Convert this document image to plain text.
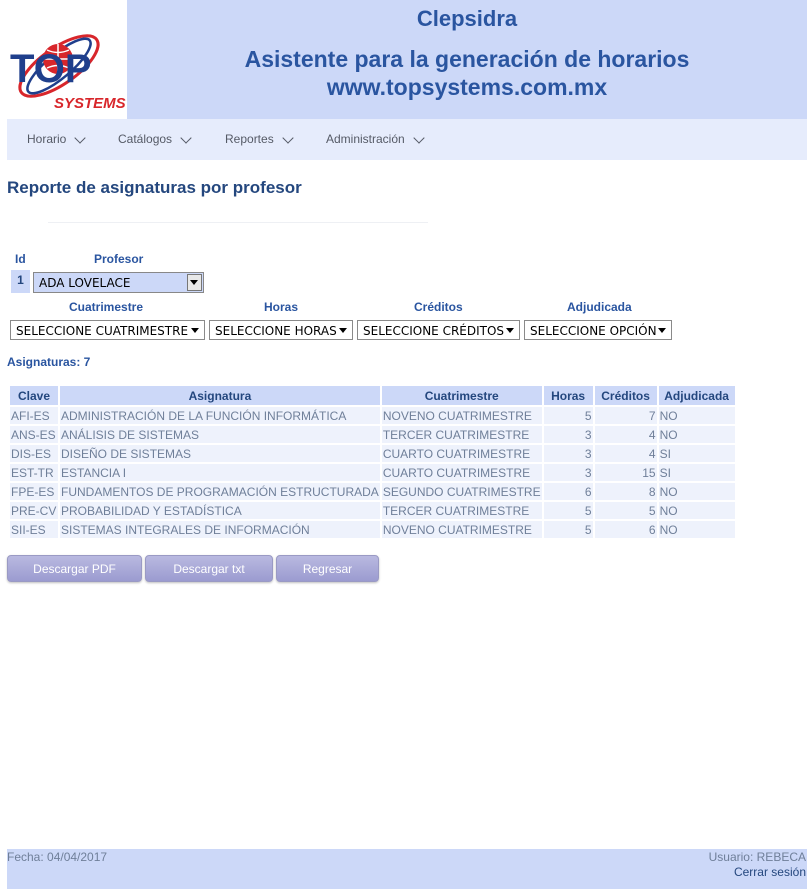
TOP
SYSTEMS
Clepsidra
Asistente para la generación de horarios
www.topsystems.com.mx
Horario	Catálogos	Reportes	Administración
Reporte de asignaturas por profesor
Id	Profesor
1	ADA LOVELACE
Cuatrimestre	Horas	Créditos	Adjudicada
SELECCIONE CUATRIMESTRE	SELECCIONE HORAS	SELECCIONE CRÉDITOS	SELECCIONE OPCIÓN
Asignaturas: 7
Clave	Asignatura	Cuatrimestre	Horas	Créditos	Adjudicada
AFI-ES	ADMINISTRACIÓN DE LA FUNCIÓN INFORMÁTICA	NOVENO CUATRIMESTRE	5	7	NO
ANS-ES	ANÁLISIS DE SISTEMAS	TERCER CUATRIMESTRE	3	4	NO
DIS-ES	DISEÑO DE SISTEMAS	CUARTO CUATRIMESTRE	3	4	SI
EST-TR	ESTANCIA I	CUARTO CUATRIMESTRE	3	15	SI
FPE-ES	FUNDAMENTOS DE PROGRAMACIÓN ESTRUCTURADA	SEGUNDO CUATRIMESTRE	6	8	NO
PRE-CV	PROBABILIDAD Y ESTADÍSTICA	TERCER CUATRIMESTRE	5	5	NO
SII-ES	SISTEMAS INTEGRALES DE INFORMACIÓN	NOVENO CUATRIMESTRE	5	6	NO
Descargar PDF	Descargar txt	Regresar
Fecha: 04/04/2017	Usuario: REBECA
Cerrar sesión
